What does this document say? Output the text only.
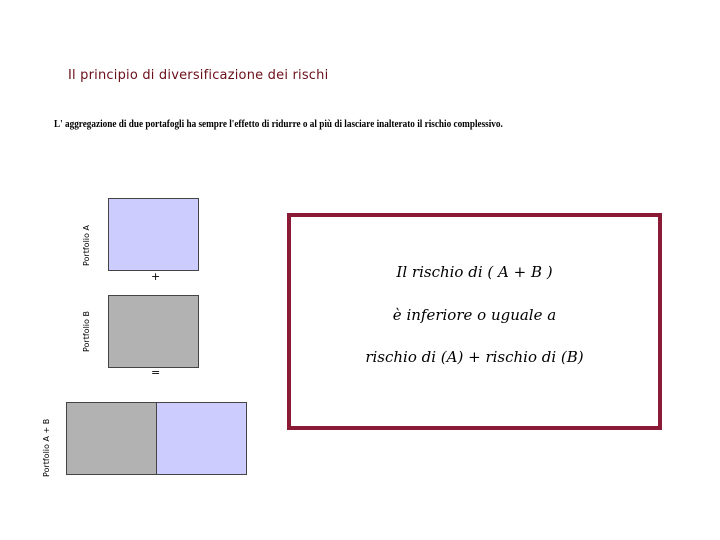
Il principio di diversificazione dei rischi
L' aggregazione di due portafogli ha sempre l'effetto di ridurre o al più di lasciare inalterato il rischio complessivo.
Portfolio A
+
Portfolio B
=
Portfolio A + B
Il rischio di ( A + B )
è inferiore o uguale a
rischio di (A) + rischio di (B)
